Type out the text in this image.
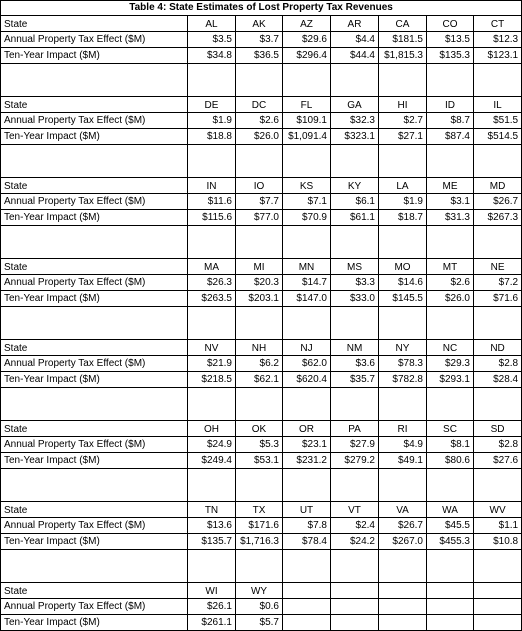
Table 4: State Estimates of Lost Property Tax Revenues							
State	AL	AK	AZ	AR	CA	CO	CT
Annual Property Tax Effect ($M)	$3.5	$3.7	$29.6	$4.4	$181.5	$13.5	$12.3
Ten-Year Impact ($M)	$34.8	$36.5	$296.4	$44.4	$1,815.3	$135.3	$123.1

State	DE	DC	FL	GA	HI	ID	IL
Annual Property Tax Effect ($M)	$1.9	$2.6	$109.1	$32.3	$2.7	$8.7	$51.5
Ten-Year Impact ($M)	$18.8	$26.0	$1,091.4	$323.1	$27.1	$87.4	$514.5

State	IN	IO	KS	KY	LA	ME	MD
Annual Property Tax Effect ($M)	$11.6	$7.7	$7.1	$6.1	$1.9	$3.1	$26.7
Ten-Year Impact ($M)	$115.6	$77.0	$70.9	$61.1	$18.7	$31.3	$267.3

State	MA	MI	MN	MS	MO	MT	NE
Annual Property Tax Effect ($M)	$26.3	$20.3	$14.7	$3.3	$14.6	$2.6	$7.2
Ten-Year Impact ($M)	$263.5	$203.1	$147.0	$33.0	$145.5	$26.0	$71.6

State	NV	NH	NJ	NM	NY	NC	ND
Annual Property Tax Effect ($M)	$21.9	$6.2	$62.0	$3.6	$78.3	$29.3	$2.8
Ten-Year Impact ($M)	$218.5	$62.1	$620.4	$35.7	$782.8	$293.1	$28.4

State	OH	OK	OR	PA	RI	SC	SD
Annual Property Tax Effect ($M)	$24.9	$5.3	$23.1	$27.9	$4.9	$8.1	$2.8
Ten-Year Impact ($M)	$249.4	$53.1	$231.2	$279.2	$49.1	$80.6	$27.6

State	TN	TX	UT	VT	VA	WA	WV
Annual Property Tax Effect ($M)	$13.6	$171.6	$7.8	$2.4	$26.7	$45.5	$1.1
Ten-Year Impact ($M)	$135.7	$1,716.3	$78.4	$24.2	$267.0	$455.3	$10.8

State	WI	WY					
Annual Property Tax Effect ($M)	$26.1	$0.6					
Ten-Year Impact ($M)	$261.1	$5.7					
